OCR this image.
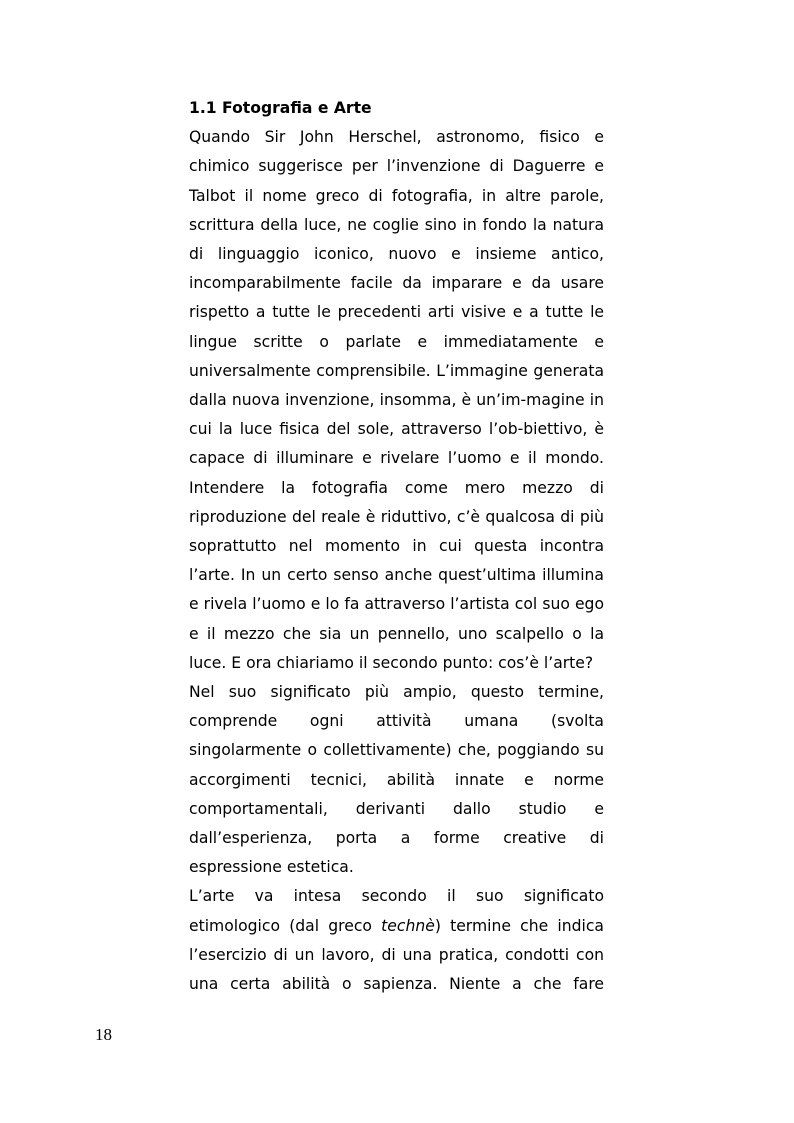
1.1 Fotografia e Arte

Quando Sir John Herschel, astronomo, fisico e chimico suggerisce per l’invenzione di Daguerre e Talbot il nome greco di fotografia, in altre parole, scrittura della luce, ne coglie sino in fondo la natura di linguaggio iconico, nuovo e insieme antico, incomparabilmente facile da imparare e da usare rispetto a tutte le precedenti arti visive e a tutte le lingue scritte o parlate e immediatamente e universalmente comprensibile. L’immagine generata dalla nuova invenzione, insomma, è un’im-magine in cui la luce fisica del sole, attraverso l’ob-biettivo, è capace di illuminare e rivelare l’uomo e il mondo. Intendere la fotografia come mero mezzo di riproduzione del reale è riduttivo, c’è qualcosa di più soprattutto nel momento in cui questa incontra l’arte. In un certo senso anche quest’ultima illumina e rivela l’uomo e lo fa attraverso l’artista col suo ego e il mezzo che sia un pennello, uno scalpello o la luce. E ora chiariamo il secondo punto: cos’è l’arte?

Nel suo significato più ampio, questo termine, comprende ogni attività umana (svolta singolarmente o collettivamente) che, poggiando su accorgimenti tecnici, abilità innate e norme comportamentali, derivanti dallo studio e dall’esperienza, porta a forme creative di espressione estetica.

L’arte va intesa secondo il suo significato etimologico (dal greco technè) termine che indica l’esercizio di un lavoro, di una pratica, condotti con una certa abilità o sapienza. Niente a che fare

18
